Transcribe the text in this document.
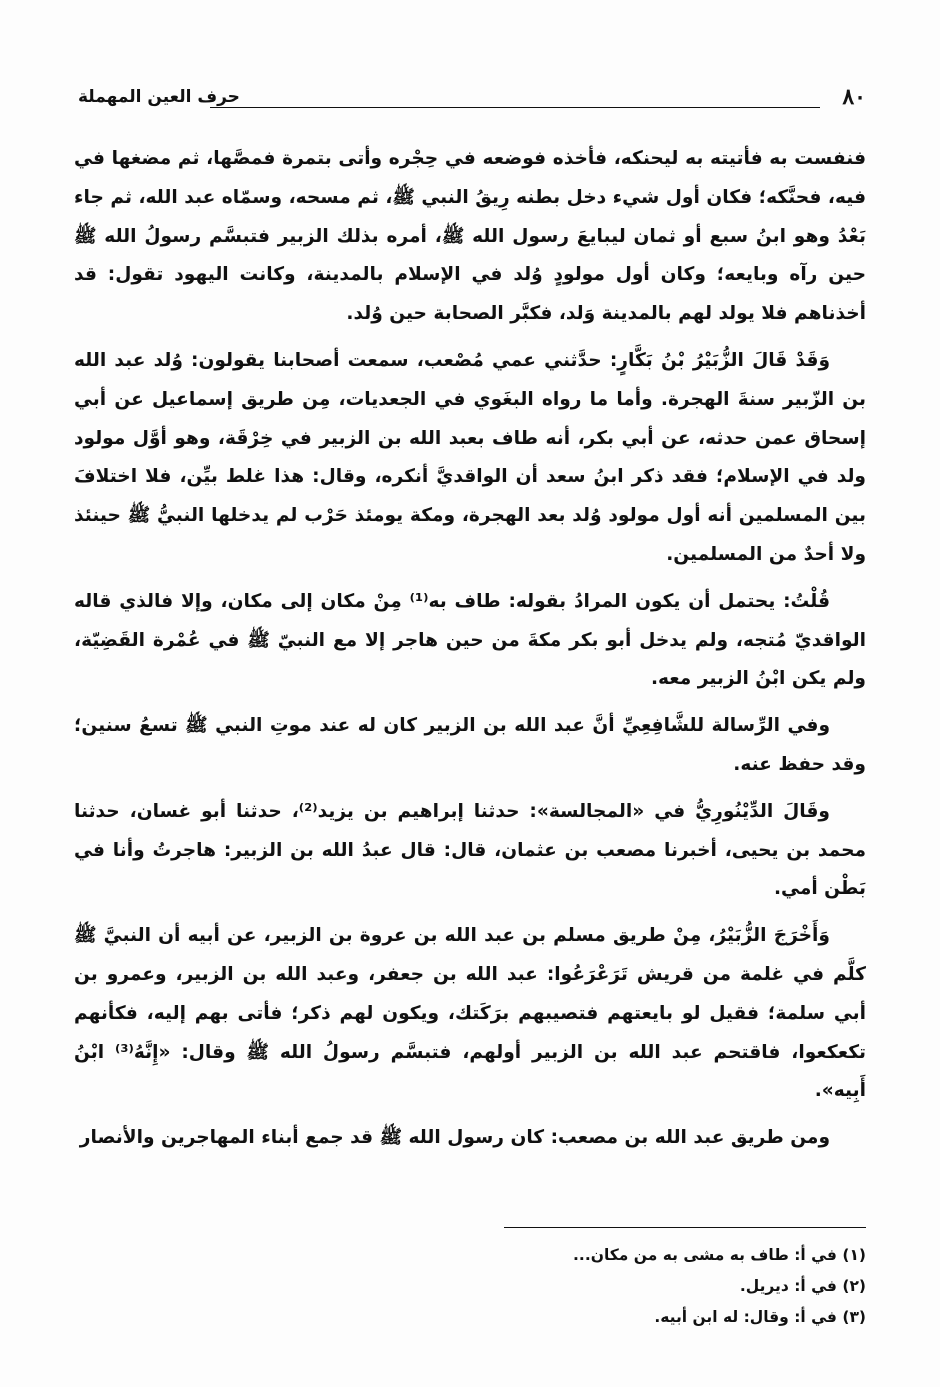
٨٠
حرف العين المهملة

فنفست به فأتيته به ليحنكه، فأخذه فوضعه في حِجْره وأتى بتمرة فمصَّها، ثم مضغها في فيه، فحنَّكه؛ فكان أول شيء دخل بطنه رِيقُ النبي ﷺ، ثم مسحه، وسمّاه عبد الله، ثم جاء بَعْدُ وهو ابنُ سبع أو ثمان ليبايعَ رسول الله ﷺ، أمره بذلك الزبير فتبسَّم رسولُ الله ﷺ حين رآه وبايعه؛ وكان أول مولودٍ وُلد في الإسلام بالمدينة، وكانت اليهود تقول: قد أخذناهم فلا يولد لهم بالمدينة وَلد، فكبَّر الصحابة حين وُلد.

وَقَدْ قَالَ الزُّبَيْرُ بْنُ بَكَّارٍ: حدَّثني عمي مُصْعب، سمعت أصحابنا يقولون: وُلد عبد الله بن الزّبير سنةَ الهجرة. وأما ما رواه البغَوي في الجعديات، مِن طريق إسماعيل عن أبي إسحاق عمن حدثه، عن أبي بكر، أنه طاف بعبد الله بن الزبير في خِرْقَة، وهو أوَّل مولود ولد في الإسلام؛ فقد ذكر ابنُ سعد أن الواقديَّ أنكره، وقال: هذا غلط بيِّن، فلا اختلافَ بين المسلمين أنه أول مولود وُلد بعد الهجرة، ومكة يومئذ حَرْب لم يدخلها النبيُّ ﷺ حينئذ ولا أحدٌ من المسلمين.

قُلْتُ: يحتمل أن يكون المرادُ بقوله: طاف به⁽¹⁾ مِنْ مكان إلى مكان، وإلا فالذي قاله الواقديّ مُتجه، ولم يدخل أبو بكر مكةَ من حين هاجر إلا مع النبيّ ﷺ في عُمْرة القَضِيّة، ولم يكن ابْنُ الزبير معه.

وفي الرِّسالة للشَّافِعِيِّ أنَّ عبد الله بن الزبير كان له عند موتِ النبي ﷺ تسعُ سنين؛ وقد حفظ عنه.

وقَالَ الدِّيْنُورِيُّ في «المجالسة»: حدثنا إبراهيم بن يزيد⁽²⁾، حدثنا أبو غسان، حدثنا محمد بن يحيى، أخبرنا مصعب بن عثمان، قال: قال عبدُ الله بن الزبير: هاجرتُ وأنا في بَطْن أمي.

وَأَخْرَجَ الزُّبَيْرُ، مِنْ طريق مسلم بن عبد الله بن عروة بن الزبير، عن أبيه أن النبيَّ ﷺ كلَّم في غلمة من قريش تَرَعْرَعُوا: عبد الله بن جعفر، وعبد الله بن الزبير، وعمرو بن أبي سلمة؛ فقيل لو بايعتهم فتصيبهم برَكَتك، ويكون لهم ذكر؛ فأتى بهم إليه، فكأنهم تكعكعوا، فاقتحم عبد الله بن الزبير أولهم، فتبسَّم رسولُ الله ﷺ وقال: «إِنَّهُ⁽³⁾ ابْنُ أَبِيه».

ومن طريق عبد الله بن مصعب: كان رسول الله ﷺ قد جمع أبناء المهاجرين والأنصار

(١) في أ: طاف به مشى به من مكان...
(٢) في أ: ديريل.
(٣) في أ: وقال: له ابن أبيه.
